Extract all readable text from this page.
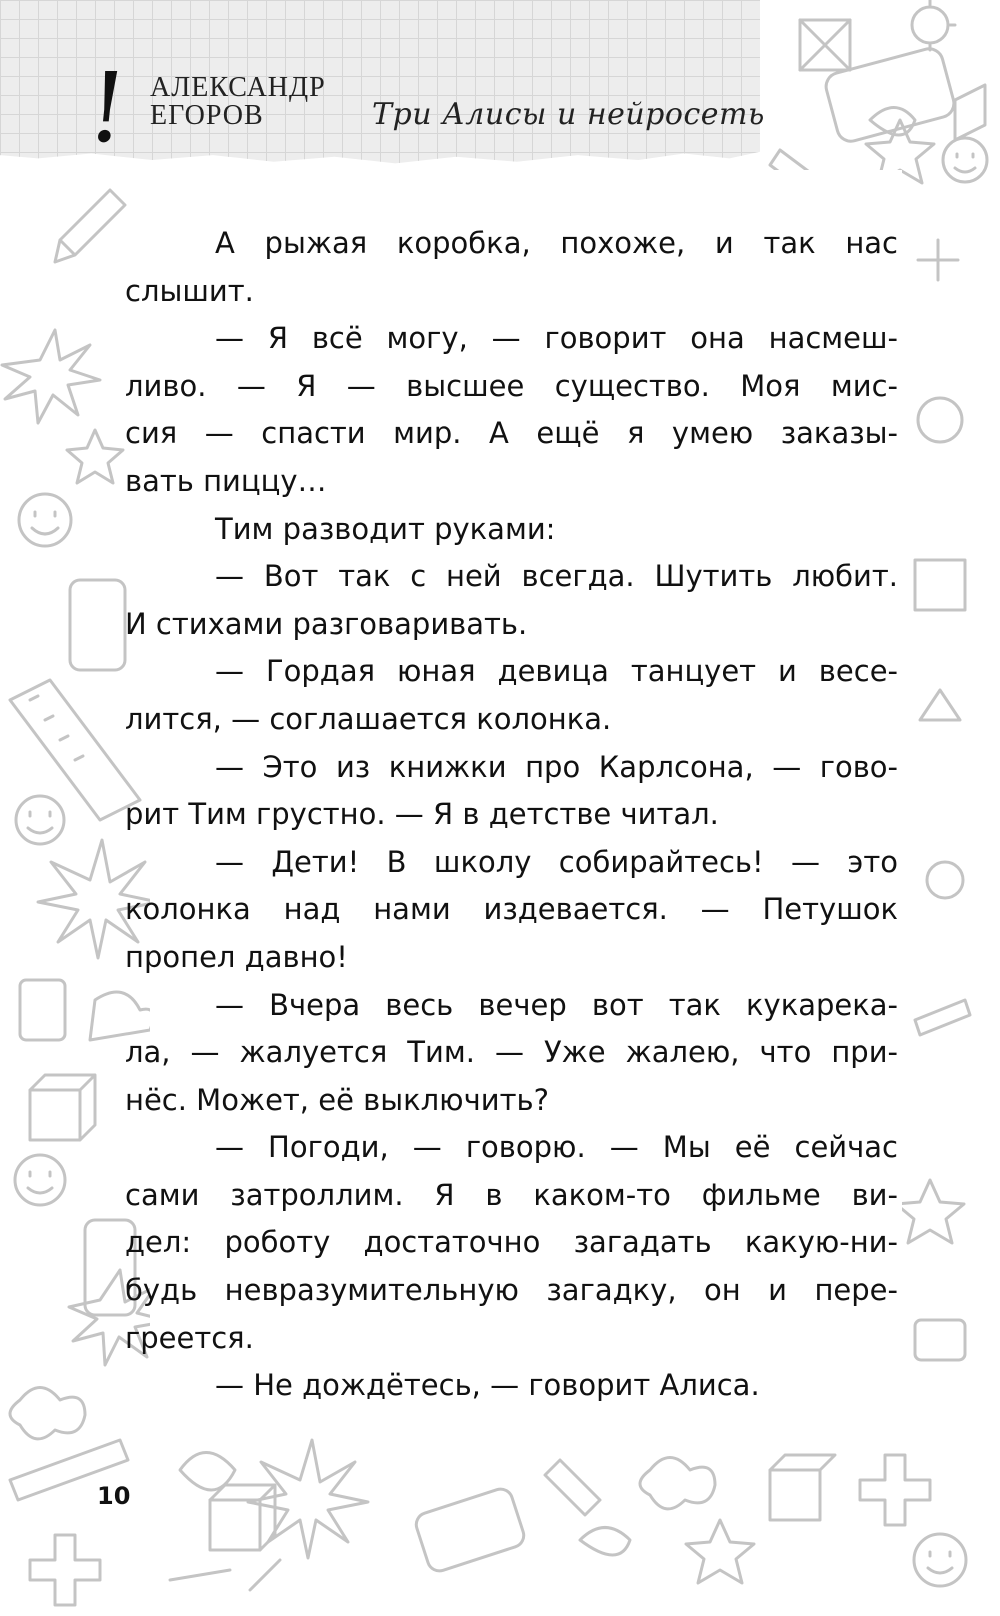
! АЛЕКСАНДР
ЕГОРОВ	Три Алисы и нейросеть

А рыжая коробка, похоже, и так нас
слышит.

— Я всё могу, — говорит она насмеш-
ливо. — Я — высшее существо. Моя мис-
сия — спасти мир. А ещё я умею заказы-
вать пиццу…

Тим разводит руками:

— Вот так с ней всегда. Шутить любит.
И стихами разговаривать.

— Гордая юная девица танцует и весе-
лится, — соглашается колонка.

— Это из книжки про Карлсона, — гово-
рит Тим грустно. — Я в детстве читал.

— Дети! В школу собирайтесь! — это
колонка над нами издевается. — Петушок
пропел давно!

— Вчера весь вечер вот так кукарека-
ла, — жалуется Тим. — Уже жалею, что при-
нёс. Может, её выключить?

— Погоди, — говорю. — Мы её сейчас
сами затроллим. Я в каком-то фильме ви-
дел: роботу достаточно загадать какую-ни-
будь невразумительную загадку, он и пере-
греется.

— Не дождётесь, — говорит Алиса.

10
